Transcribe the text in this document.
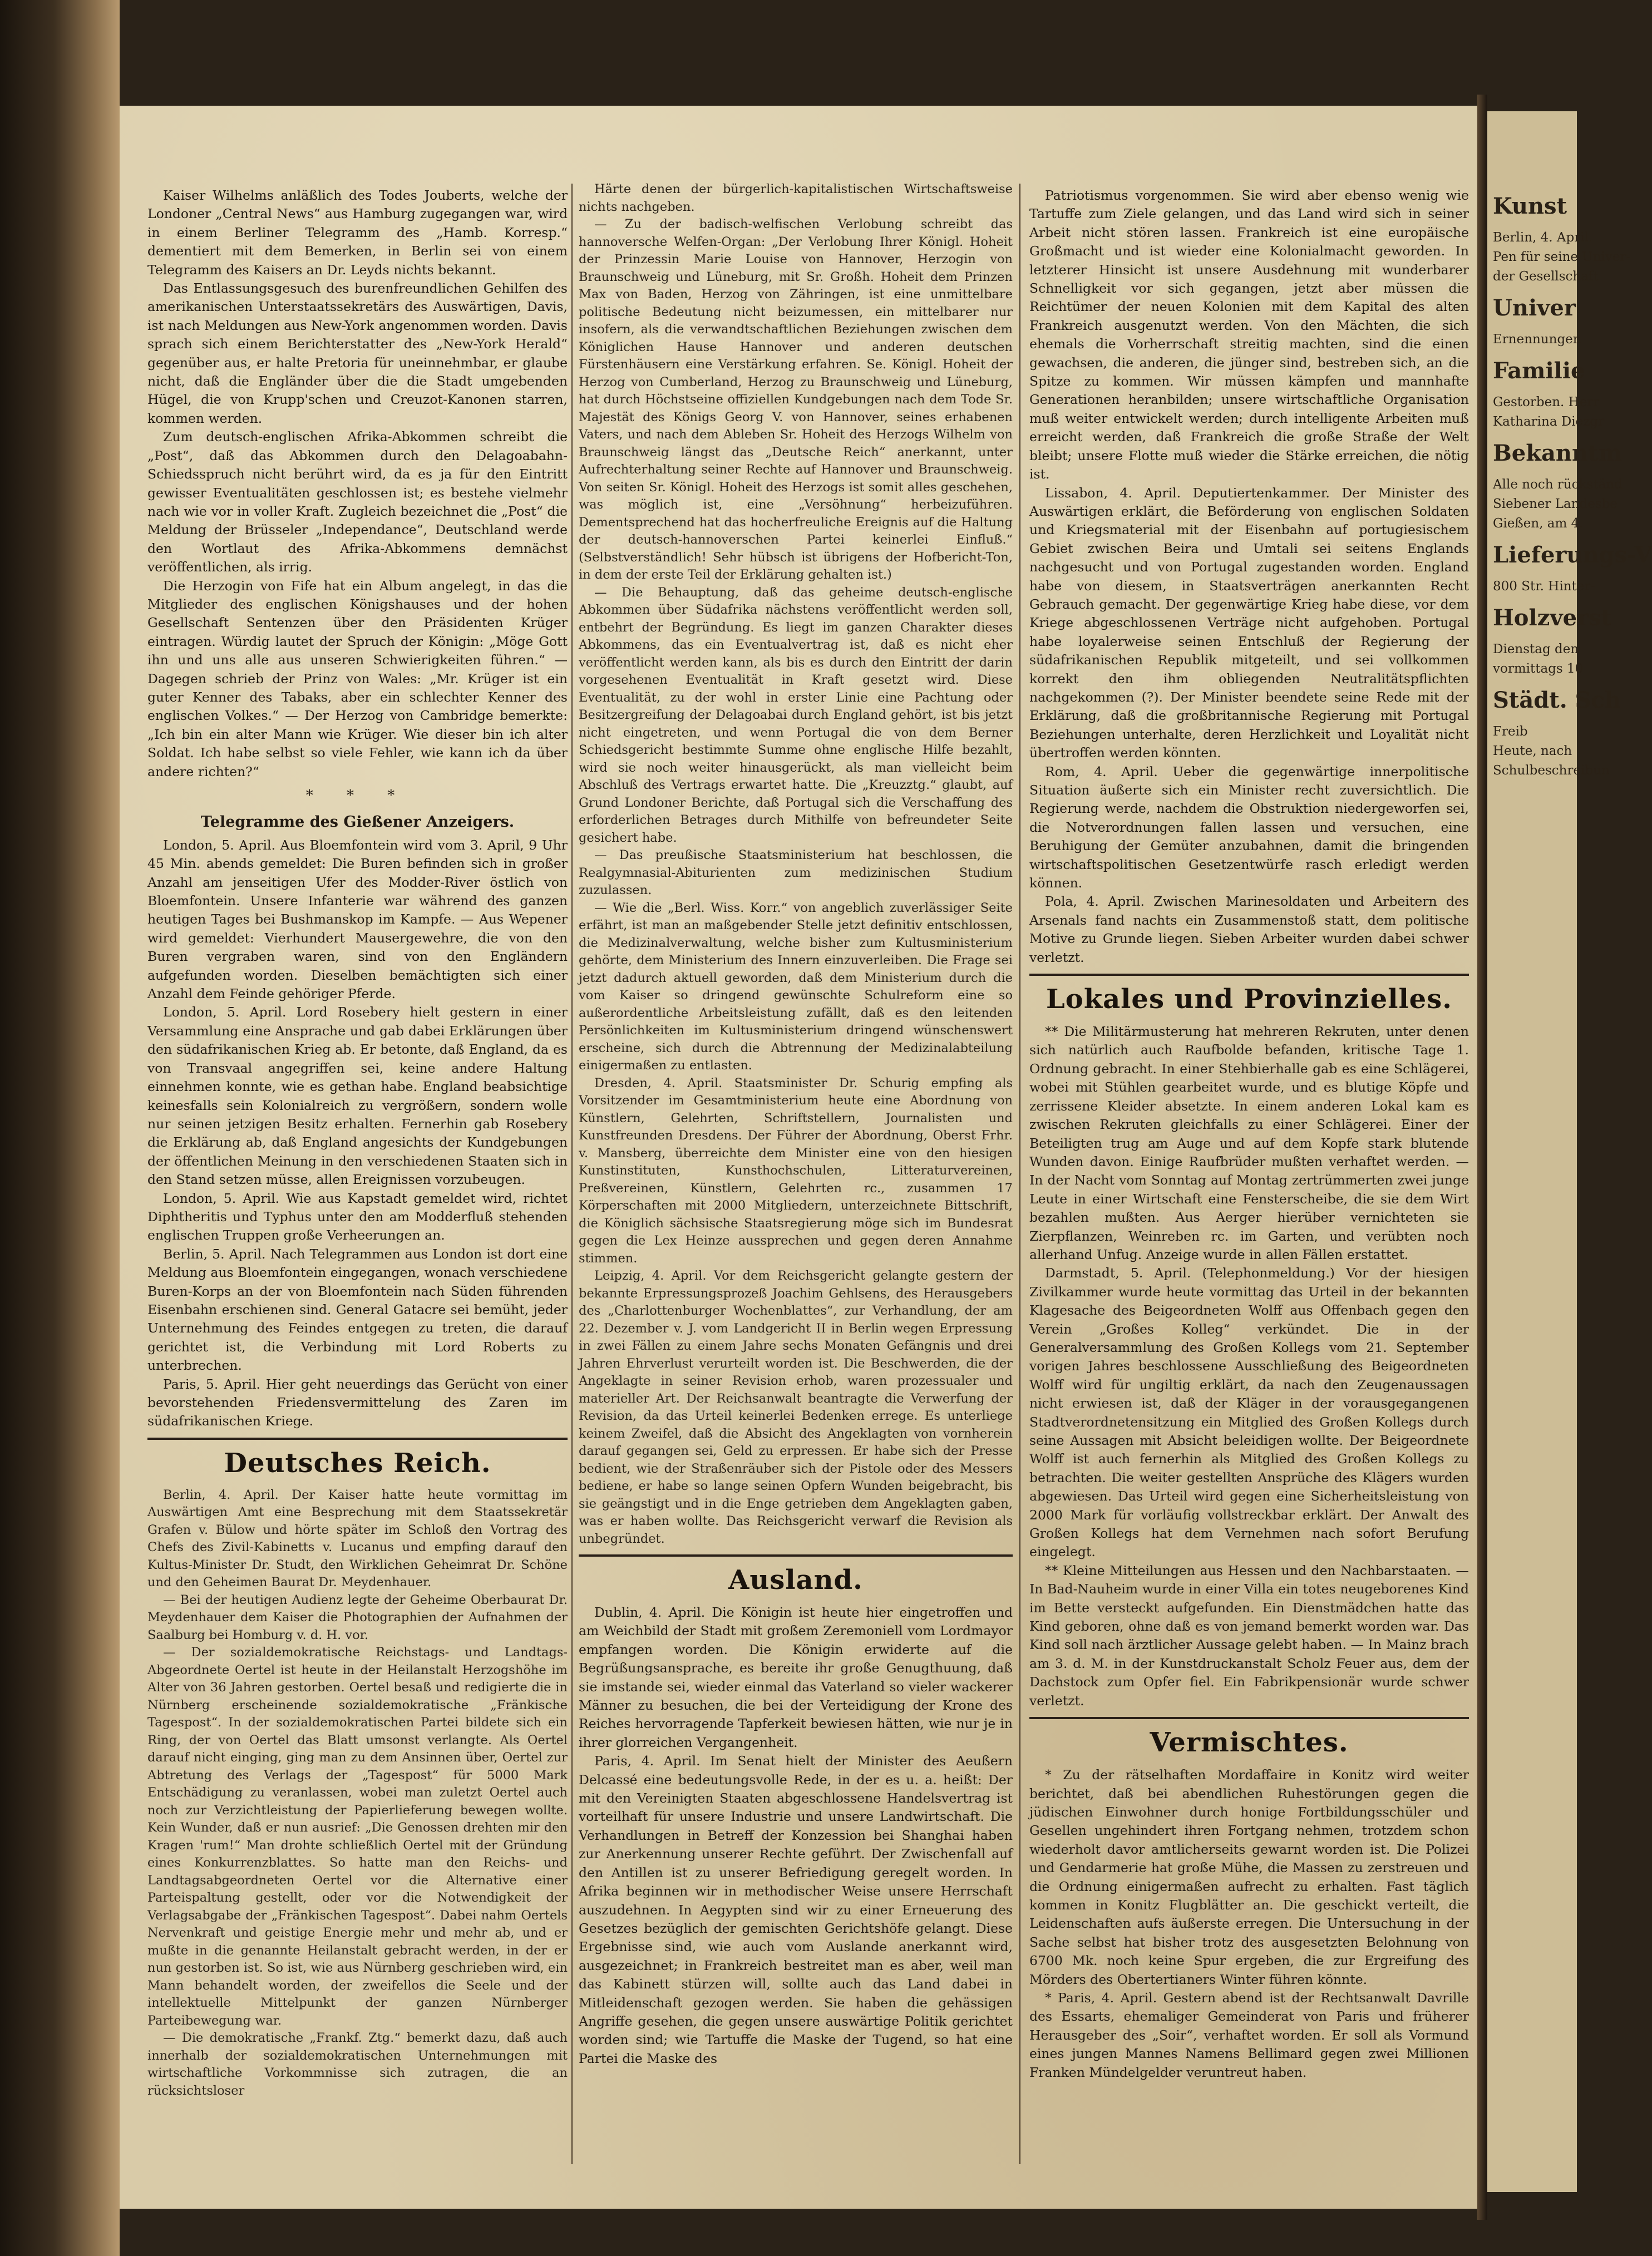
Kunst

Berlin, 4. April.

Pen für seine Univer-

der Gesellschaft

Univer

Ernennungen

Familie

Gestorben. Herr

Katharina Diezgr

Bekanntm

Alle noch rückständ

Siebener Landesbe

Gießen, am 4.

Lieferungs-V

800 Str. Hinter-

Holzverst

Dienstag den

vormittags 10

Städt. Sch

Freib

Heute, nach

Schulbeschreibun

Kaiser Wilhelms anläßlich des Todes Jouberts, welche der Londoner „Central News“ aus Hamburg zugegangen war, wird in einem Berliner Telegramm des „Hamb. Korresp.“ dementiert mit dem Bemerken, in Berlin sei von einem Telegramm des Kaisers an Dr. Leyds nichts bekannt.

Das Entlassungsgesuch des burenfreundlichen Gehilfen des amerikanischen Unterstaatssekretärs des Auswärtigen, Davis, ist nach Meldungen aus New-York angenommen worden. Davis sprach sich einem Berichterstatter des „New-York Herald“ gegenüber aus, er halte Pretoria für uneinnehmbar, er glaube nicht, daß die Engländer über die die Stadt umgebenden Hügel, die von Krupp'schen und Creuzot-Kanonen starren, kommen werden.

Zum deutsch-englischen Afrika-Abkommen schreibt die „Post“, daß das Abkommen durch den Delagoabahn-Schiedsspruch nicht berührt wird, da es ja für den Eintritt gewisser Eventualitäten geschlossen ist; es bestehe vielmehr nach wie vor in voller Kraft. Zugleich bezeichnet die „Post“ die Meldung der Brüsseler „Independance“, Deutschland werde den Wortlaut des Afrika-Abkommens demnächst veröffentlichen, als irrig.

Die Herzogin von Fife hat ein Album angelegt, in das die Mitglieder des englischen Königshauses und der hohen Gesellschaft Sentenzen über den Präsidenten Krüger eintragen. Würdig lautet der Spruch der Königin: „Möge Gott ihn und uns alle aus unseren Schwierigkeiten führen.“ — Dagegen schrieb der Prinz von Wales: „Mr. Krüger ist ein guter Kenner des Tabaks, aber ein schlechter Kenner des englischen Volkes.“ — Der Herzog von Cambridge bemerkte: „Ich bin ein alter Mann wie Krüger. Wie dieser bin ich alter Soldat. Ich habe selbst so viele Fehler, wie kann ich da über andere richten?“

* * *
Telegramme des Gießener Anzeigers.

London, 5. April. Aus Bloemfontein wird vom 3. April, 9 Uhr 45 Min. abends gemeldet: Die Buren befinden sich in großer Anzahl am jenseitigen Ufer des Modder-River östlich von Bloemfontein. Unsere Infanterie war während des ganzen heutigen Tages bei Bushmanskop im Kampfe. — Aus Wepener wird gemeldet: Vierhundert Mausergewehre, die von den Buren vergraben waren, sind von den Engländern aufgefunden worden. Dieselben bemächtigten sich einer Anzahl dem Feinde gehöriger Pferde.

London, 5. April. Lord Rosebery hielt gestern in einer Versammlung eine Ansprache und gab dabei Erklärungen über den südafrikanischen Krieg ab. Er betonte, daß England, da es von Transvaal angegriffen sei, keine andere Haltung einnehmen konnte, wie es gethan habe. England beabsichtige keinesfalls sein Kolonialreich zu vergrößern, sondern wolle nur seinen jetzigen Besitz erhalten. Fernerhin gab Rosebery die Erklärung ab, daß England angesichts der Kundgebungen der öffentlichen Meinung in den verschiedenen Staaten sich in den Stand setzen müsse, allen Ereignissen vorzubeugen.

London, 5. April. Wie aus Kapstadt gemeldet wird, richtet Diphtheritis und Typhus unter den am Modderfluß stehenden englischen Truppen große Verheerungen an.

Berlin, 5. April. Nach Telegrammen aus London ist dort eine Meldung aus Bloemfontein eingegangen, wonach verschiedene Buren-Korps an der von Bloemfontein nach Süden führenden Eisenbahn erschienen sind. General Gatacre sei bemüht, jeder Unternehmung des Feindes entgegen zu treten, die darauf gerichtet ist, die Verbindung mit Lord Roberts zu unterbrechen.

Paris, 5. April. Hier geht neuerdings das Gerücht von einer bevorstehenden Friedensvermittelung des Zaren im südafrikanischen Kriege.

Deutsches Reich.

Berlin, 4. April. Der Kaiser hatte heute vormittag im Auswärtigen Amt eine Besprechung mit dem Staatssekretär Grafen v. Bülow und hörte später im Schloß den Vortrag des Chefs des Zivil-Kabinetts v. Lucanus und empfing darauf den Kultus-Minister Dr. Studt, den Wirklichen Geheimrat Dr. Schöne und den Geheimen Baurat Dr. Meydenhauer.

— Bei der heutigen Audienz legte der Geheime Oberbaurat Dr. Meydenhauer dem Kaiser die Photographien der Aufnahmen der Saalburg bei Homburg v. d. H. vor.

— Der sozialdemokratische Reichstags- und Landtags-Abgeordnete Oertel ist heute in der Heilanstalt Herzogshöhe im Alter von 36 Jahren gestorben. Oertel besaß und redigierte die in Nürnberg erscheinende sozialdemokratische „Fränkische Tagespost“. In der sozialdemokratischen Partei bildete sich ein Ring, der von Oertel das Blatt umsonst verlangte. Als Oertel darauf nicht einging, ging man zu dem Ansinnen über, Oertel zur Abtretung des Verlags der „Tagespost“ für 5000 Mark Entschädigung zu veranlassen, wobei man zuletzt Oertel auch noch zur Verzichtleistung der Papierlieferung bewegen wollte. Kein Wunder, daß er nun ausrief: „Die Genossen drehten mir den Kragen 'rum!“ Man drohte schließlich Oertel mit der Gründung eines Konkurrenzblattes. So hatte man den Reichs- und Landtagsabgeordneten Oertel vor die Alternative einer Parteispaltung gestellt, oder vor die Notwendigkeit der Verlagsabgabe der „Fränkischen Tagespost“. Dabei nahm Oertels Nervenkraft und geistige Energie mehr und mehr ab, und er mußte in die genannte Heilanstalt gebracht werden, in der er nun gestorben ist. So ist, wie aus Nürnberg geschrieben wird, ein Mann behandelt worden, der zweifellos die Seele und der intellektuelle Mittelpunkt der ganzen Nürnberger Parteibewegung war.

— Die demokratische „Frankf. Ztg.“ bemerkt dazu, daß auch innerhalb der sozialdemokratischen Unternehmungen mit wirtschaftliche Vorkommnisse sich zutragen, die an rücksichtsloser

Härte denen der bürgerlich-kapitalistischen Wirtschaftsweise nichts nachgeben.

— Zu der badisch-welfischen Verlobung schreibt das hannoversche Welfen-Organ: „Der Verlobung Ihrer Königl. Hoheit der Prinzessin Marie Louise von Hannover, Herzogin von Braunschweig und Lüneburg, mit Sr. Großh. Hoheit dem Prinzen Max von Baden, Herzog von Zähringen, ist eine unmittelbare politische Bedeutung nicht beizumessen, ein mittelbarer nur insofern, als die verwandtschaftlichen Beziehungen zwischen dem Königlichen Hause Hannover und anderen deutschen Fürstenhäusern eine Verstärkung erfahren. Se. Königl. Hoheit der Herzog von Cumberland, Herzog zu Braunschweig und Lüneburg, hat durch Höchstseine offiziellen Kundgebungen nach dem Tode Sr. Majestät des Königs Georg V. von Hannover, seines erhabenen Vaters, und nach dem Ableben Sr. Hoheit des Herzogs Wilhelm von Braunschweig längst das „Deutsche Reich“ anerkannt, unter Aufrechterhaltung seiner Rechte auf Hannover und Braunschweig. Von seiten Sr. Königl. Hoheit des Herzogs ist somit alles geschehen, was möglich ist, eine „Versöhnung“ herbeizuführen. Dementsprechend hat das hocherfreuliche Ereignis auf die Haltung der deutsch-hannoverschen Partei keinerlei Einfluß.“ (Selbstverständlich! Sehr hübsch ist übrigens der Hofbericht-Ton, in dem der erste Teil der Erklärung gehalten ist.)

— Die Behauptung, daß das geheime deutsch-englische Abkommen über Südafrika nächstens veröffentlicht werden soll, entbehrt der Begründung. Es liegt im ganzen Charakter dieses Abkommens, das ein Eventualvertrag ist, daß es nicht eher veröffentlicht werden kann, als bis es durch den Eintritt der darin vorgesehenen Eventualität in Kraft gesetzt wird. Diese Eventualität, zu der wohl in erster Linie eine Pachtung oder Besitzergreifung der Delagoabai durch England gehört, ist bis jetzt nicht eingetreten, und wenn Portugal die von dem Berner Schiedsgericht bestimmte Summe ohne englische Hilfe bezahlt, wird sie noch weiter hinausgerückt, als man vielleicht beim Abschluß des Vertrags erwartet hatte. Die „Kreuzztg.“ glaubt, auf Grund Londoner Berichte, daß Portugal sich die Verschaffung des erforderlichen Betrages durch Mithilfe von befreundeter Seite gesichert habe.

— Das preußische Staatsministerium hat beschlossen, die Realgymnasial-Abiturienten zum medizinischen Studium zuzulassen.

— Wie die „Berl. Wiss. Korr.“ von angeblich zuverlässiger Seite erfährt, ist man an maßgebender Stelle jetzt definitiv entschlossen, die Medizinalverwaltung, welche bisher zum Kultusministerium gehörte, dem Ministerium des Innern einzuverleiben. Die Frage sei jetzt dadurch aktuell geworden, daß dem Ministerium durch die vom Kaiser so dringend gewünschte Schulreform eine so außerordentliche Arbeitsleistung zufällt, daß es den leitenden Persönlichkeiten im Kultusministerium dringend wünschenswert erscheine, sich durch die Abtrennung der Medizinalabteilung einigermaßen zu entlasten.

Dresden, 4. April. Staatsminister Dr. Schurig empfing als Vorsitzender im Gesamtministerium heute eine Abordnung von Künstlern, Gelehrten, Schriftstellern, Journalisten und Kunstfreunden Dresdens. Der Führer der Abordnung, Oberst Frhr. v. Mansberg, überreichte dem Minister eine von den hiesigen Kunstinstituten, Kunsthochschulen, Litteraturvereinen, Preßvereinen, Künstlern, Gelehrten rc., zusammen 17 Körperschaften mit 2000 Mitgliedern, unterzeichnete Bittschrift, die Königlich sächsische Staatsregierung möge sich im Bundesrat gegen die Lex Heinze aussprechen und gegen deren Annahme stimmen.

Leipzig, 4. April. Vor dem Reichsgericht gelangte gestern der bekannte Erpressungsprozeß Joachim Gehlsens, des Herausgebers des „Charlottenburger Wochenblattes“, zur Verhandlung, der am 22. Dezember v. J. vom Landgericht II in Berlin wegen Erpressung in zwei Fällen zu einem Jahre sechs Monaten Gefängnis und drei Jahren Ehrverlust verurteilt worden ist. Die Beschwerden, die der Angeklagte in seiner Revision erhob, waren prozessualer und materieller Art. Der Reichsanwalt beantragte die Verwerfung der Revision, da das Urteil keinerlei Bedenken errege. Es unterliege keinem Zweifel, daß die Absicht des Angeklagten von vornherein darauf gegangen sei, Geld zu erpressen. Er habe sich der Presse bedient, wie der Straßenräuber sich der Pistole oder des Messers bediene, er habe so lange seinen Opfern Wunden beigebracht, bis sie geängstigt und in die Enge getrieben dem Angeklagten gaben, was er haben wollte. Das Reichsgericht verwarf die Revision als unbegründet.

Ausland.

Dublin, 4. April. Die Königin ist heute hier eingetroffen und am Weichbild der Stadt mit großem Zeremoniell vom Lordmayor empfangen worden. Die Königin erwiderte auf die Begrüßungsansprache, es bereite ihr große Genugthuung, daß sie imstande sei, wieder einmal das Vaterland so vieler wackerer Männer zu besuchen, die bei der Verteidigung der Krone des Reiches hervorragende Tapferkeit bewiesen hätten, wie nur je in ihrer glorreichen Vergangenheit.

Paris, 4. April. Im Senat hielt der Minister des Aeußern Delcassé eine bedeutungsvolle Rede, in der es u. a. heißt: Der mit den Vereinigten Staaten abgeschlossene Handelsvertrag ist vorteilhaft für unsere Industrie und unsere Landwirtschaft. Die Verhandlungen in Betreff der Konzession bei Shanghai haben zur Anerkennung unserer Rechte geführt. Der Zwischenfall auf den Antillen ist zu unserer Befriedigung geregelt worden. In Afrika beginnen wir in methodischer Weise unsere Herrschaft auszudehnen. In Aegypten sind wir zu einer Erneuerung des Gesetzes bezüglich der gemischten Gerichtshöfe gelangt. Diese Ergebnisse sind, wie auch vom Auslande anerkannt wird, ausgezeichnet; in Frankreich bestreitet man es aber, weil man das Kabinett stürzen will, sollte auch das Land dabei in Mitleidenschaft gezogen werden. Sie haben die gehässigen Angriffe gesehen, die gegen unsere auswärtige Politik gerichtet worden sind; wie Tartuffe die Maske der Tugend, so hat eine Partei die Maske des

Patriotismus vorgenommen. Sie wird aber ebenso wenig wie Tartuffe zum Ziele gelangen, und das Land wird sich in seiner Arbeit nicht stören lassen. Frankreich ist eine europäische Großmacht und ist wieder eine Kolonialmacht geworden. In letzterer Hinsicht ist unsere Ausdehnung mit wunderbarer Schnelligkeit vor sich gegangen, jetzt aber müssen die Reichtümer der neuen Kolonien mit dem Kapital des alten Frankreich ausgenutzt werden. Von den Mächten, die sich ehemals die Vorherrschaft streitig machten, sind die einen gewachsen, die anderen, die jünger sind, bestreben sich, an die Spitze zu kommen. Wir müssen kämpfen und mannhafte Generationen heranbilden; unsere wirtschaftliche Organisation muß weiter entwickelt werden; durch intelligente Arbeiten muß erreicht werden, daß Frankreich die große Straße der Welt bleibt; unsere Flotte muß wieder die Stärke erreichen, die nötig ist.

Lissabon, 4. April. Deputiertenkammer. Der Minister des Auswärtigen erklärt, die Beförderung von englischen Soldaten und Kriegsmaterial mit der Eisenbahn auf portugiesischem Gebiet zwischen Beira und Umtali sei seitens Englands nachgesucht und von Portugal zugestanden worden. England habe von diesem, in Staatsverträgen anerkannten Recht Gebrauch gemacht. Der gegenwärtige Krieg habe diese, vor dem Kriege abgeschlossenen Verträge nicht aufgehoben. Portugal habe loyalerweise seinen Entschluß der Regierung der südafrikanischen Republik mitgeteilt, und sei vollkommen korrekt den ihm obliegenden Neutralitätspflichten nachgekommen (?). Der Minister beendete seine Rede mit der Erklärung, daß die großbritannische Regierung mit Portugal Beziehungen unterhalte, deren Herzlichkeit und Loyalität nicht übertroffen werden könnten.

Rom, 4. April. Ueber die gegenwärtige innerpolitische Situation äußerte sich ein Minister recht zuversichtlich. Die Regierung werde, nachdem die Obstruktion niedergeworfen sei, die Notverordnungen fallen lassen und versuchen, eine Beruhigung der Gemüter anzubahnen, damit die bringenden wirtschaftspolitischen Gesetzentwürfe rasch erledigt werden können.

Pola, 4. April. Zwischen Marinesoldaten und Arbeitern des Arsenals fand nachts ein Zusammenstoß statt, dem politische Motive zu Grunde liegen. Sieben Arbeiter wurden dabei schwer verletzt.

Lokales und Provinzielles.

** Die Militärmusterung hat mehreren Rekruten, unter denen sich natürlich auch Raufbolde befanden, kritische Tage 1. Ordnung gebracht. In einer Stehbierhalle gab es eine Schlägerei, wobei mit Stühlen gearbeitet wurde, und es blutige Köpfe und zerrissene Kleider absetzte. In einem anderen Lokal kam es zwischen Rekruten gleichfalls zu einer Schlägerei. Einer der Beteiligten trug am Auge und auf dem Kopfe stark blutende Wunden davon. Einige Raufbrüder mußten verhaftet werden. — In der Nacht vom Sonntag auf Montag zertrümmerten zwei junge Leute in einer Wirtschaft eine Fensterscheibe, die sie dem Wirt bezahlen mußten. Aus Aerger hierüber vernichteten sie Zierpflanzen, Weinreben rc. im Garten, und verübten noch allerhand Unfug. Anzeige wurde in allen Fällen erstattet.

Darmstadt, 5. April. (Telephonmeldung.) Vor der hiesigen Zivilkammer wurde heute vormittag das Urteil in der bekannten Klagesache des Beigeordneten Wolff aus Offenbach gegen den Verein „Großes Kolleg“ verkündet. Die in der Generalversammlung des Großen Kollegs vom 21. September vorigen Jahres beschlossene Ausschließung des Beigeordneten Wolff wird für ungiltig erklärt, da nach den Zeugenaussagen nicht erwiesen ist, daß der Kläger in der vorausgegangenen Stadtverordnetensitzung ein Mitglied des Großen Kollegs durch seine Aussagen mit Absicht beleidigen wollte. Der Beigeordnete Wolff ist auch fernerhin als Mitglied des Großen Kollegs zu betrachten. Die weiter gestellten Ansprüche des Klägers wurden abgewiesen. Das Urteil wird gegen eine Sicherheitsleistung von 2000 Mark für vorläufig vollstreckbar erklärt. Der Anwalt des Großen Kollegs hat dem Vernehmen nach sofort Berufung eingelegt.

** Kleine Mitteilungen aus Hessen und den Nachbarstaaten. — In Bad-Nauheim wurde in einer Villa ein totes neugeborenes Kind im Bette versteckt aufgefunden. Ein Dienstmädchen hatte das Kind geboren, ohne daß es von jemand bemerkt worden war. Das Kind soll nach ärztlicher Aussage gelebt haben. — In Mainz brach am 3. d. M. in der Kunstdruckanstalt Scholz Feuer aus, dem der Dachstock zum Opfer fiel. Ein Fabrikpensionär wurde schwer verletzt.

Vermischtes.

* Zu der rätselhaften Mordaffaire in Konitz wird weiter berichtet, daß bei abendlichen Ruhestörungen gegen die jüdischen Einwohner durch honige Fortbildungsschüler und Gesellen ungehindert ihren Fortgang nehmen, trotzdem schon wiederholt davor amtlicherseits gewarnt worden ist. Die Polizei und Gendarmerie hat große Mühe, die Massen zu zerstreuen und die Ordnung einigermaßen aufrecht zu erhalten. Fast täglich kommen in Konitz Flugblätter an. Die geschickt verteilt, die Leidenschaften aufs äußerste erregen. Die Untersuchung in der Sache selbst hat bisher trotz des ausgesetzten Belohnung von 6700 Mk. noch keine Spur ergeben, die zur Ergreifung des Mörders des Obertertianers Winter führen könnte.

* Paris, 4. April. Gestern abend ist der Rechtsanwalt Davrille des Essarts, ehemaliger Gemeinderat von Paris und früherer Herausgeber des „Soir“, verhaftet worden. Er soll als Vormund eines jungen Mannes Namens Bellimard gegen zwei Millionen Franken Mündelgelder veruntreut haben.
